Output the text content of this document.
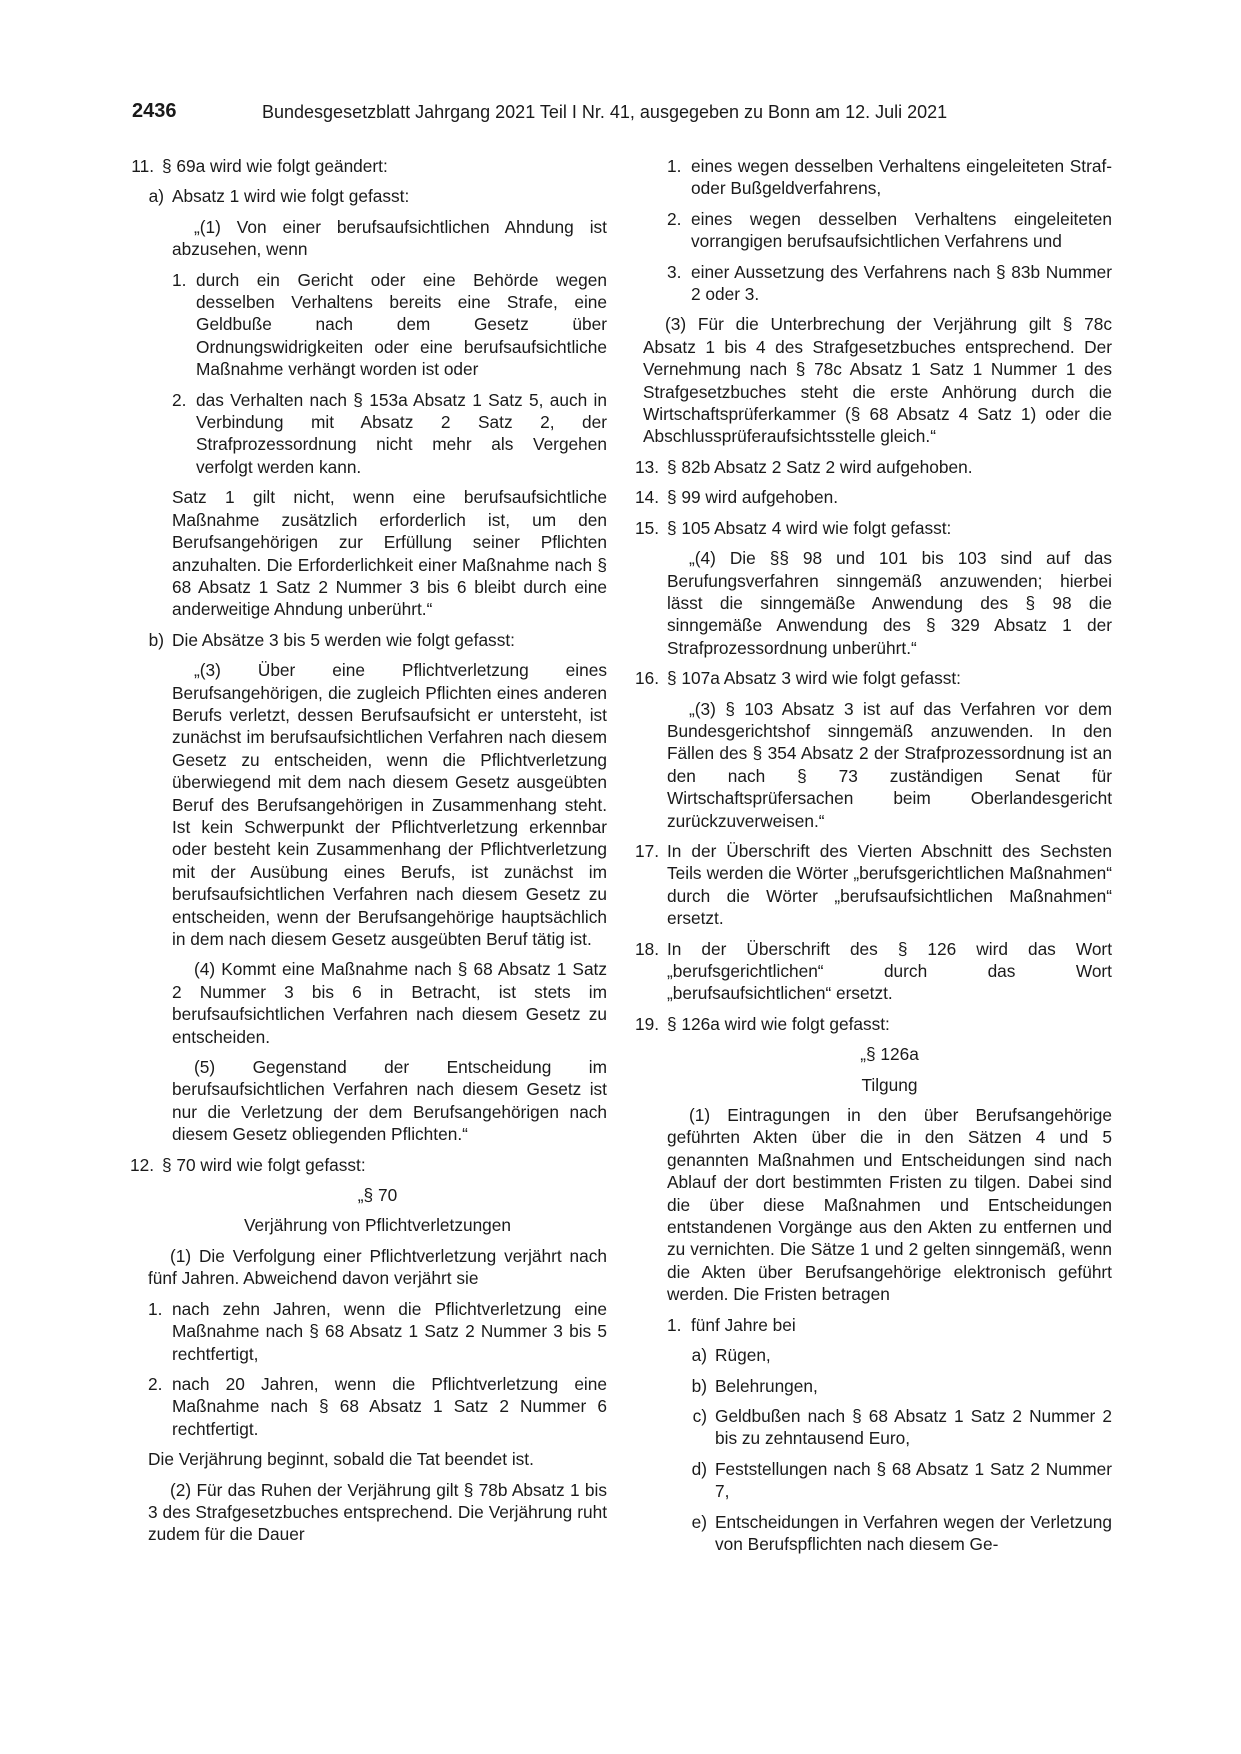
2436	Bundesgesetzblatt Jahrgang 2021 Teil I Nr. 41, ausgegeben zu Bonn am 12. Juli 2021
11. § 69a wird wie folgt geändert:
a) Absatz 1 wird wie folgt gefasst:

„(1) Von einer berufsaufsichtlichen Ahndung ist abzusehen, wenn

1. durch ein Gericht oder eine Behörde wegen desselben Verhaltens bereits eine Strafe, eine Geldbuße nach dem Gesetz über Ordnungswidrigkeiten oder eine berufsaufsichtliche Maßnahme verhängt worden ist oder
2. das Verhalten nach § 153a Absatz 1 Satz 5, auch in Verbindung mit Absatz 2 Satz 2, der Strafprozessordnung nicht mehr als Vergehen verfolgt werden kann.

Satz 1 gilt nicht, wenn eine berufsaufsichtliche Maßnahme zusätzlich erforderlich ist, um den Berufsangehörigen zur Erfüllung seiner Pflichten anzuhalten. Die Erforderlichkeit einer Maßnahme nach § 68 Absatz 1 Satz 2 Nummer 3 bis 6 bleibt durch eine anderweitige Ahndung unberührt.“

b) Die Absätze 3 bis 5 werden wie folgt gefasst:

„(3) Über eine Pflichtverletzung eines Berufsangehörigen, die zugleich Pflichten eines anderen Berufs verletzt, dessen Berufsaufsicht er untersteht, ist zunächst im berufsaufsichtlichen Verfahren nach diesem Gesetz zu entscheiden, wenn die Pflichtverletzung überwiegend mit dem nach diesem Gesetz ausgeübten Beruf des Berufsangehörigen in Zusammenhang steht. Ist kein Schwerpunkt der Pflichtverletzung erkennbar oder besteht kein Zusammenhang der Pflichtverletzung mit der Ausübung eines Berufs, ist zunächst im berufsaufsichtlichen Verfahren nach diesem Gesetz zu entscheiden, wenn der Berufsangehörige hauptsächlich in dem nach diesem Gesetz ausgeübten Beruf tätig ist.

(4) Kommt eine Maßnahme nach § 68 Absatz 1 Satz 2 Nummer 3 bis 6 in Betracht, ist stets im berufsaufsichtlichen Verfahren nach diesem Gesetz zu entscheiden.

(5) Gegenstand der Entscheidung im berufsaufsichtlichen Verfahren nach diesem Gesetz ist nur die Verletzung der dem Berufsangehörigen nach diesem Gesetz obliegenden Pflichten.“

12. § 70 wird wie folgt gefasst:

„§ 70

Verjährung von Pflichtverletzungen

(1) Die Verfolgung einer Pflichtverletzung verjährt nach fünf Jahren. Abweichend davon verjährt sie

1. nach zehn Jahren, wenn die Pflichtverletzung eine Maßnahme nach § 68 Absatz 1 Satz 2 Nummer 3 bis 5 rechtfertigt,
2. nach 20 Jahren, wenn die Pflichtverletzung eine Maßnahme nach § 68 Absatz 1 Satz 2 Nummer 6 rechtfertigt.

Die Verjährung beginnt, sobald die Tat beendet ist.

(2) Für das Ruhen der Verjährung gilt § 78b Absatz 1 bis 3 des Strafgesetzbuches entsprechend. Die Verjährung ruht zudem für die Dauer

1. eines wegen desselben Verhaltens eingeleiteten Straf- oder Bußgeldverfahrens,
2. eines wegen desselben Verhaltens eingeleiteten vorrangigen berufsaufsichtlichen Verfahrens und
3. einer Aussetzung des Verfahrens nach § 83b Nummer 2 oder 3.

(3) Für die Unterbrechung der Verjährung gilt § 78c Absatz 1 bis 4 des Strafgesetzbuches entsprechend. Der Vernehmung nach § 78c Absatz 1 Satz 1 Nummer 1 des Strafgesetzbuches steht die erste Anhörung durch die Wirtschaftsprüferkammer (§ 68 Absatz 4 Satz 1) oder die Abschlussprüferaufsichtsstelle gleich.“

13. § 82b Absatz 2 Satz 2 wird aufgehoben.
14. § 99 wird aufgehoben.
15. § 105 Absatz 4 wird wie folgt gefasst:

„(4) Die §§ 98 und 101 bis 103 sind auf das Berufungsverfahren sinngemäß anzuwenden; hierbei lässt die sinngemäße Anwendung des § 98 die sinngemäße Anwendung des § 329 Absatz 1 der Strafprozessordnung unberührt.“

16. § 107a Absatz 3 wird wie folgt gefasst:

„(3) § 103 Absatz 3 ist auf das Verfahren vor dem Bundesgerichtshof sinngemäß anzuwenden. In den Fällen des § 354 Absatz 2 der Strafprozessordnung ist an den nach § 73 zuständigen Senat für Wirtschaftsprüfersachen beim Oberlandesgericht zurückzuverweisen.“

17. In der Überschrift des Vierten Abschnitt des Sechsten Teils werden die Wörter „berufsgerichtlichen Maßnahmen“ durch die Wörter „berufsaufsichtlichen Maßnahmen“ ersetzt.
18. In der Überschrift des § 126 wird das Wort „berufsgerichtlichen“ durch das Wort „berufsaufsichtlichen“ ersetzt.
19. § 126a wird wie folgt gefasst:

„§ 126a

Tilgung

(1) Eintragungen in den über Berufsangehörige geführten Akten über die in den Sätzen 4 und 5 genannten Maßnahmen und Entscheidungen sind nach Ablauf der dort bestimmten Fristen zu tilgen. Dabei sind die über diese Maßnahmen und Entscheidungen entstandenen Vorgänge aus den Akten zu entfernen und zu vernichten. Die Sätze 1 und 2 gelten sinngemäß, wenn die Akten über Berufsangehörige elektronisch geführt werden. Die Fristen betragen

1. fünf Jahre bei
a) Rügen,
b) Belehrungen,
c) Geldbußen nach § 68 Absatz 1 Satz 2 Nummer 2 bis zu zehntausend Euro,
d) Feststellungen nach § 68 Absatz 1 Satz 2 Nummer 7,
e) Entscheidungen in Verfahren wegen der Verletzung von Berufspflichten nach diesem Ge-
